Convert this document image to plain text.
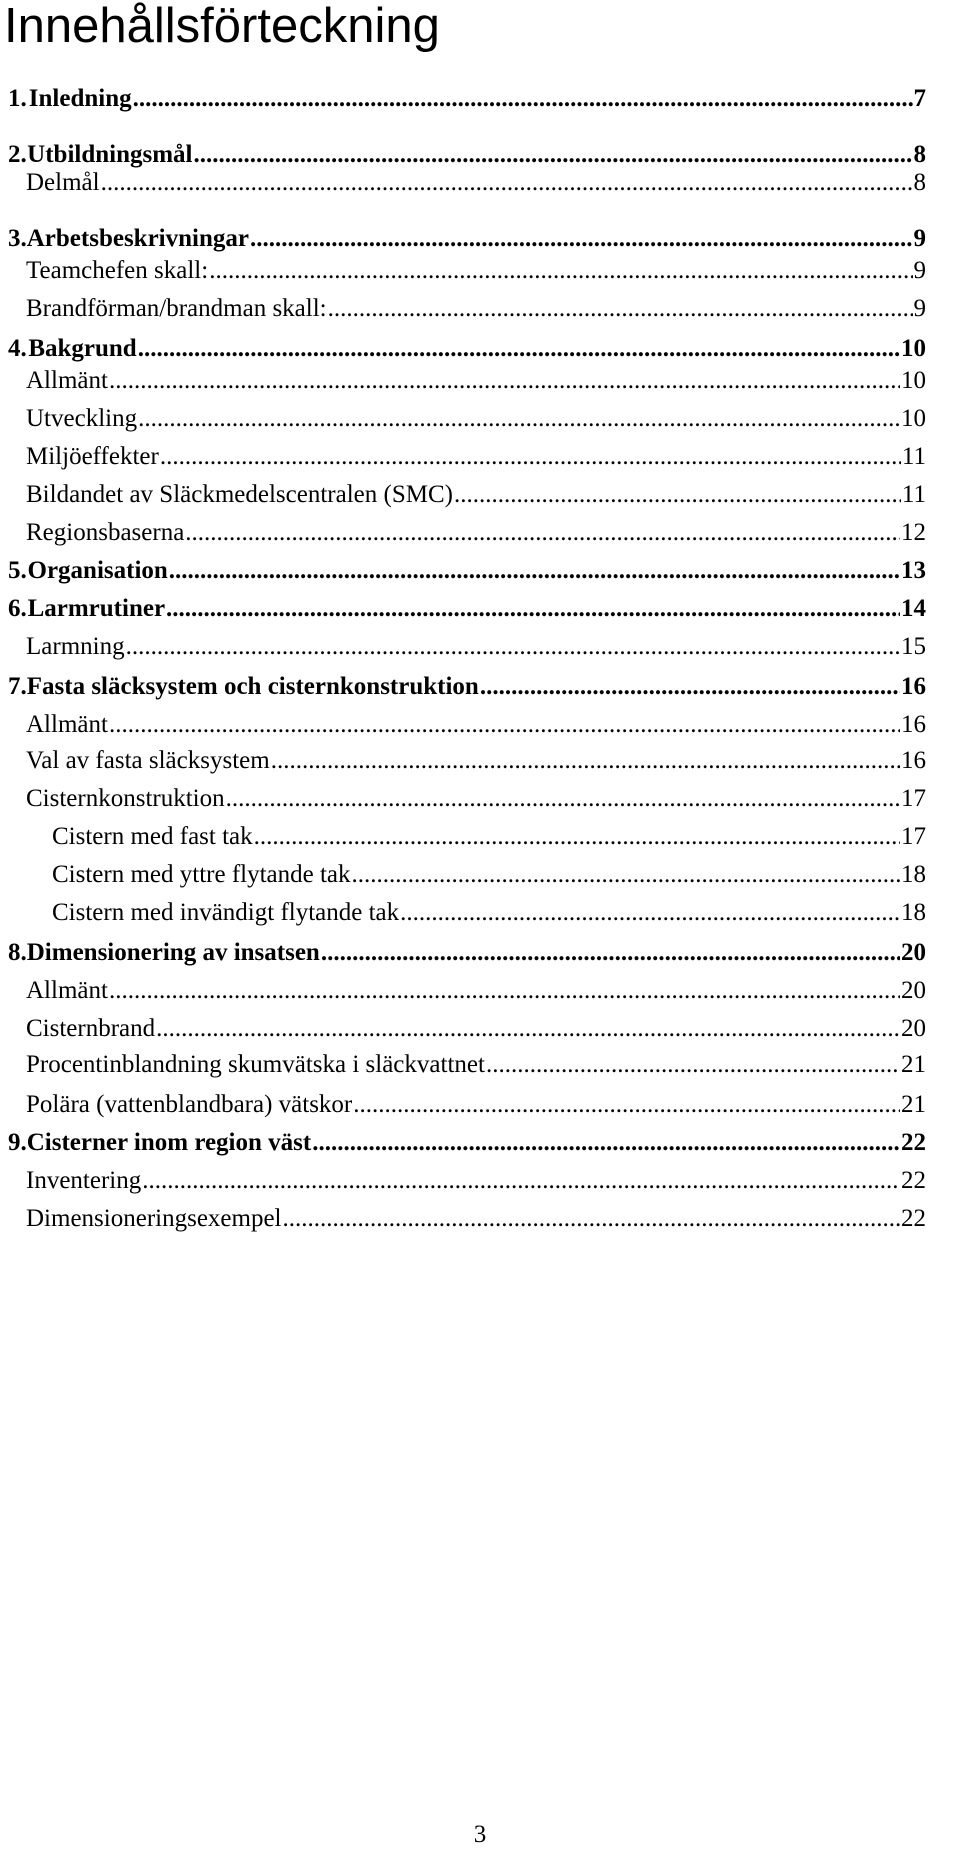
Innehållsförteckning
1. Inledning .....	7
2. Utbildningsmål .....	8
Delmål .....	8
3. Arbetsbeskrivningar .....	9
Teamchefen skall: .....	9
Brandförman/brandman skall: .....	9
4. Bakgrund .....	10
Allmänt .....	10
Utveckling .....	10
Miljöeffekter .....	11
Bildandet av Släckmedelscentralen (SMC) .....	11
Regionsbaserna .....	12
5. Organisation .....	13
6. Larmrutiner .....	14
Larmning .....	15
7. Fasta släcksystem och cisternkonstruktion .....	16
Allmänt .....	16
Val av fasta släcksystem .....	16
Cisternkonstruktion .....	17
Cistern med fast tak .....	17
Cistern med yttre flytande tak .....	18
Cistern med invändigt flytande tak .....	18
8. Dimensionering av insatsen .....	20
Allmänt .....	20
Cisternbrand .....	20
Procentinblandning skumvätska i släckvattnet .....	21
Polära (vattenblandbara) vätskor .....	21
9. Cisterner inom region väst .....	22
Inventering .....	22
Dimensioneringsexempel .....	22
3
